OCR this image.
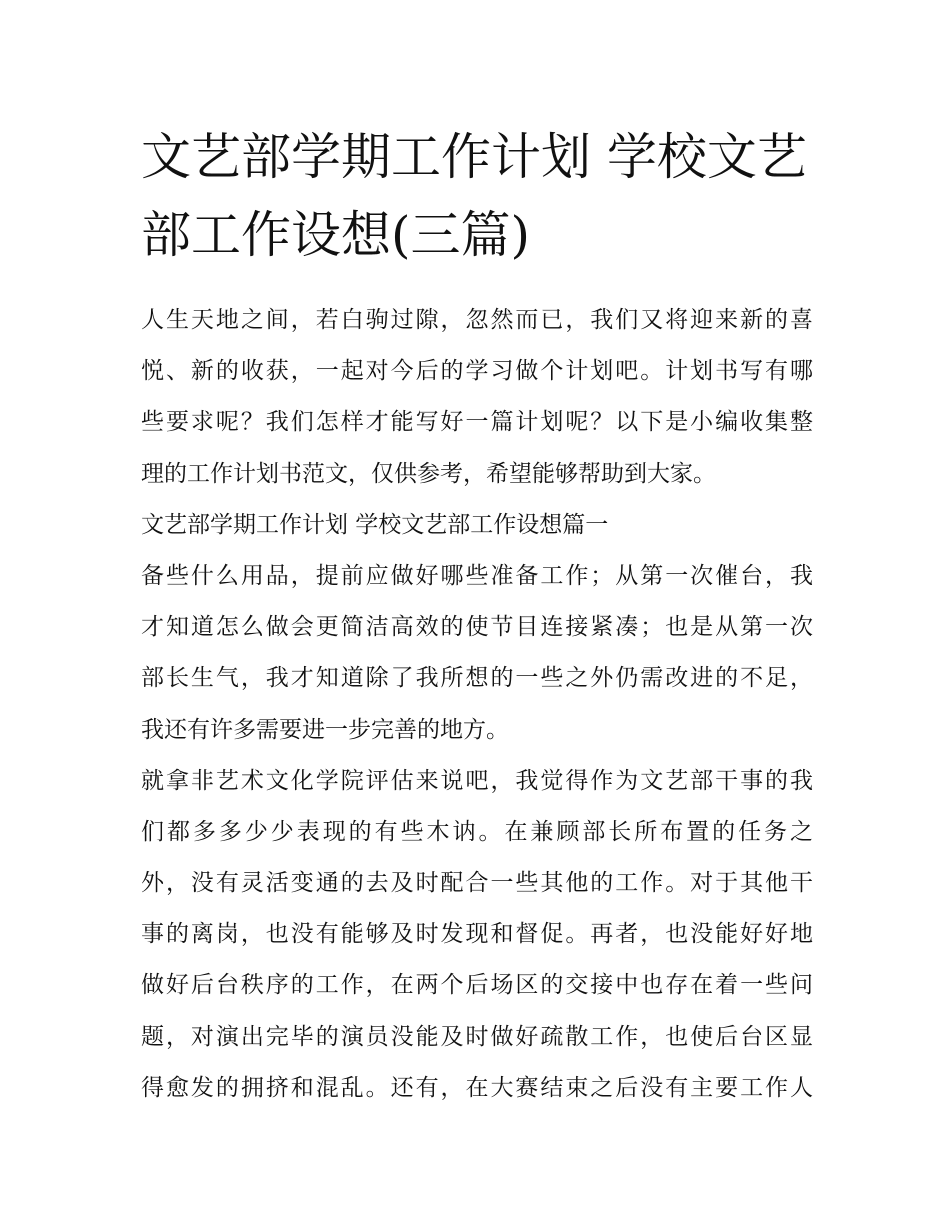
文艺部学期工作计划 学校文艺
部工作设想(三篇)
人生天地之间，若白驹过隙，忽然而已，我们又将迎来新的喜
悦、新的收获，一起对今后的学习做个计划吧。计划书写有哪
些要求呢？我们怎样才能写好一篇计划呢？以下是小编收集整
理的工作计划书范文，仅供参考，希望能够帮助到大家。
文艺部学期工作计划 学校文艺部工作设想篇一
备些什么用品，提前应做好哪些准备工作；从第一次催台，我
才知道怎么做会更简洁高效的使节目连接紧凑；也是从第一次
部长生气，我才知道除了我所想的一些之外仍需改进的不足，
我还有许多需要进一步完善的地方。
就拿非艺术文化学院评估来说吧，我觉得作为文艺部干事的我
们都多多少少表现的有些木讷。在兼顾部长所布置的任务之
外，没有灵活变通的去及时配合一些其他的工作。对于其他干
事的离岗，也没有能够及时发现和督促。再者，也没能好好地
做好后台秩序的工作，在两个后场区的交接中也存在着一些问
题，对演出完毕的演员没能及时做好疏散工作，也使后台区显
得愈发的拥挤和混乱。还有，在大赛结束之后没有主要工作人
